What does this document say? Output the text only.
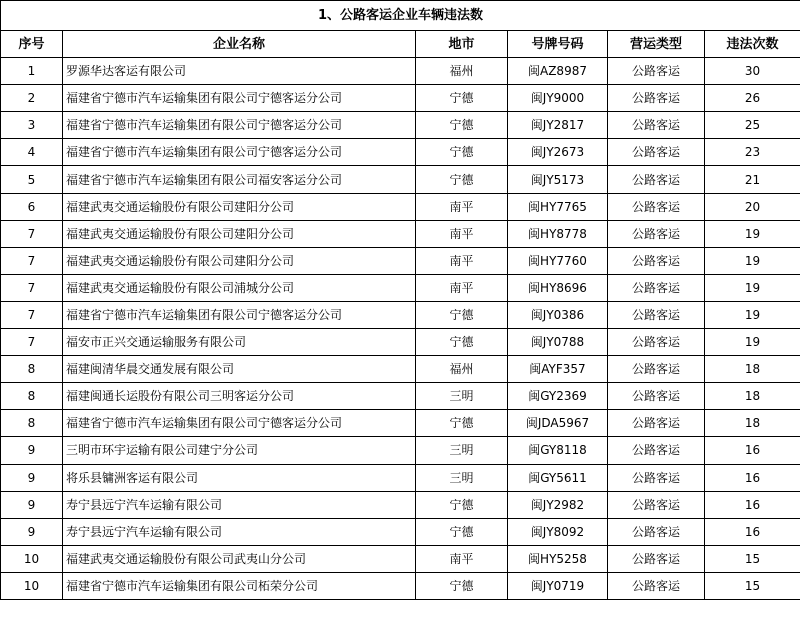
1、公路客运企业车辆违法数					
序号	企业名称	地市	号牌号码	营运类型	违法次数
1	罗源华达客运有限公司	福州	闽AZ8987	公路客运	30
2	福建省宁德市汽车运输集团有限公司宁德客运分公司	宁德	闽JY9000	公路客运	26
3	福建省宁德市汽车运输集团有限公司宁德客运分公司	宁德	闽JY2817	公路客运	25
4	福建省宁德市汽车运输集团有限公司宁德客运分公司	宁德	闽JY2673	公路客运	23
5	福建省宁德市汽车运输集团有限公司福安客运分公司	宁德	闽JY5173	公路客运	21
6	福建武夷交通运输股份有限公司建阳分公司	南平	闽HY7765	公路客运	20
7	福建武夷交通运输股份有限公司建阳分公司	南平	闽HY8778	公路客运	19
7	福建武夷交通运输股份有限公司建阳分公司	南平	闽HY7760	公路客运	19
7	福建武夷交通运输股份有限公司浦城分公司	南平	闽HY8696	公路客运	19
7	福建省宁德市汽车运输集团有限公司宁德客运分公司	宁德	闽JY0386	公路客运	19
7	福安市正兴交通运输服务有限公司	宁德	闽JY0788	公路客运	19
8	福建闽清华晨交通发展有限公司	福州	闽AYF357	公路客运	18
8	福建闽通长运股份有限公司三明客运分公司	三明	闽GY2369	公路客运	18
8	福建省宁德市汽车运输集团有限公司宁德客运分公司	宁德	闽JDA5967	公路客运	18
9	三明市环宇运输有限公司建宁分公司	三明	闽GY8118	公路客运	16
9	将乐县镛洲客运有限公司	三明	闽GY5611	公路客运	16
9	寿宁县远宁汽车运输有限公司	宁德	闽JY2982	公路客运	16
9	寿宁县远宁汽车运输有限公司	宁德	闽JY8092	公路客运	16
10	福建武夷交通运输股份有限公司武夷山分公司	南平	闽HY5258	公路客运	15
10	福建省宁德市汽车运输集团有限公司柘荣分公司	宁德	闽JY0719	公路客运	15
